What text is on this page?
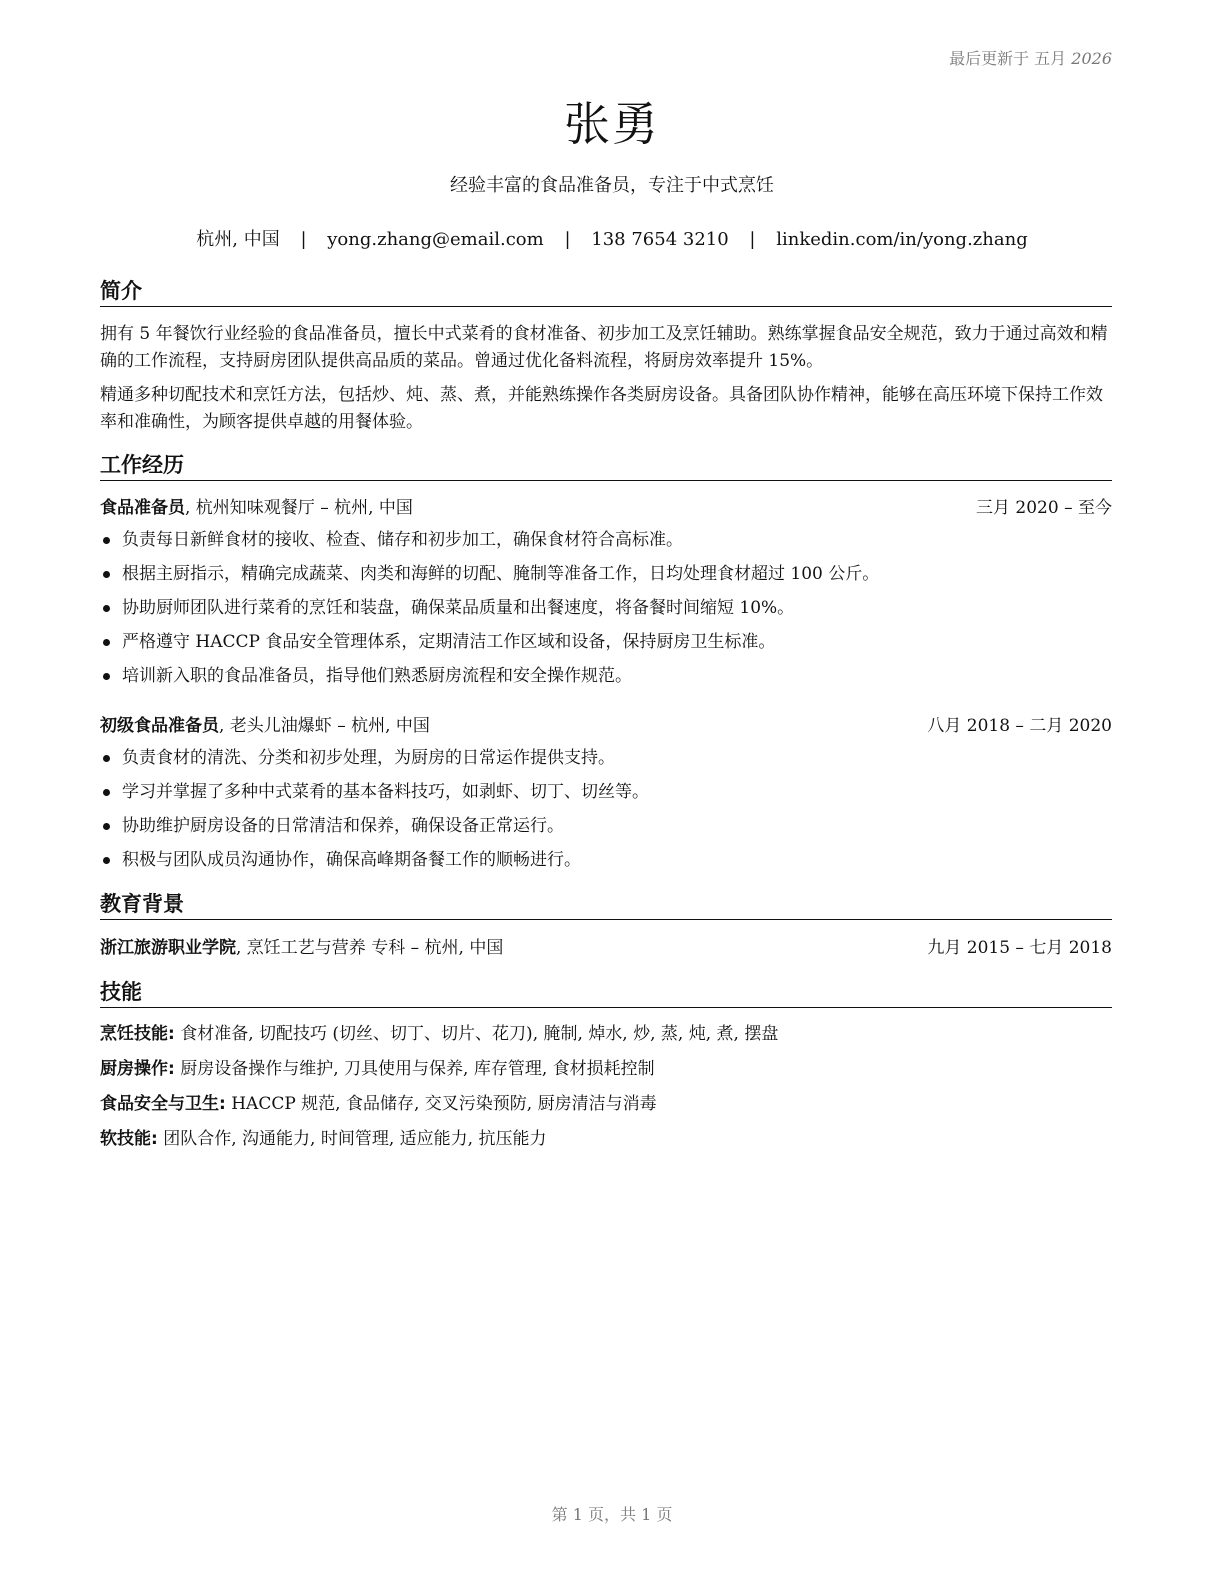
最后更新于 五月 2026
张勇
经验丰富的食品准备员，专注于中式烹饪
杭州, 中国 | yong.zhang@email.com | 138 7654 3210 | linkedin.com/in/yong.zhang
简介
拥有 5 年餐饮行业经验的食品准备员，擅长中式菜肴的食材准备、初步加工及烹饪辅助。熟练掌握食品安全规范，致力于通过高效和精确的工作流程，支持厨房团队提供高品质的菜品。曾通过优化备料流程，将厨房效率提升 15%。
精通多种切配技术和烹饪方法，包括炒、炖、蒸、煮，并能熟练操作各类厨房设备。具备团队协作精神，能够在高压环境下保持工作效率和准确性，为顾客提供卓越的用餐体验。
工作经历
食品准备员, 杭州知味观餐厅 – 杭州, 中国	三月 2020 – 至今
负责每日新鲜食材的接收、检查、储存和初步加工，确保食材符合高标准。
根据主厨指示，精确完成蔬菜、肉类和海鲜的切配、腌制等准备工作，日均处理食材超过 100 公斤。
协助厨师团队进行菜肴的烹饪和装盘，确保菜品质量和出餐速度，将备餐时间缩短 10%。
严格遵守 HACCP 食品安全管理体系，定期清洁工作区域和设备，保持厨房卫生标准。
培训新入职的食品准备员，指导他们熟悉厨房流程和安全操作规范。
初级食品准备员, 老头儿油爆虾 – 杭州, 中国	八月 2018 – 二月 2020
负责食材的清洗、分类和初步处理，为厨房的日常运作提供支持。
学习并掌握了多种中式菜肴的基本备料技巧，如剥虾、切丁、切丝等。
协助维护厨房设备的日常清洁和保养，确保设备正常运行。
积极与团队成员沟通协作，确保高峰期备餐工作的顺畅进行。
教育背景
浙江旅游职业学院, 烹饪工艺与营养 专科 – 杭州, 中国	九月 2015 – 七月 2018
技能
烹饪技能: 食材准备, 切配技巧 (切丝、切丁、切片、花刀), 腌制, 焯水, 炒, 蒸, 炖, 煮, 摆盘
厨房操作: 厨房设备操作与维护, 刀具使用与保养, 库存管理, 食材损耗控制
食品安全与卫生: HACCP 规范, 食品储存, 交叉污染预防, 厨房清洁与消毒
软技能: 团队合作, 沟通能力, 时间管理, 适应能力, 抗压能力
第 1 页，共 1 页
